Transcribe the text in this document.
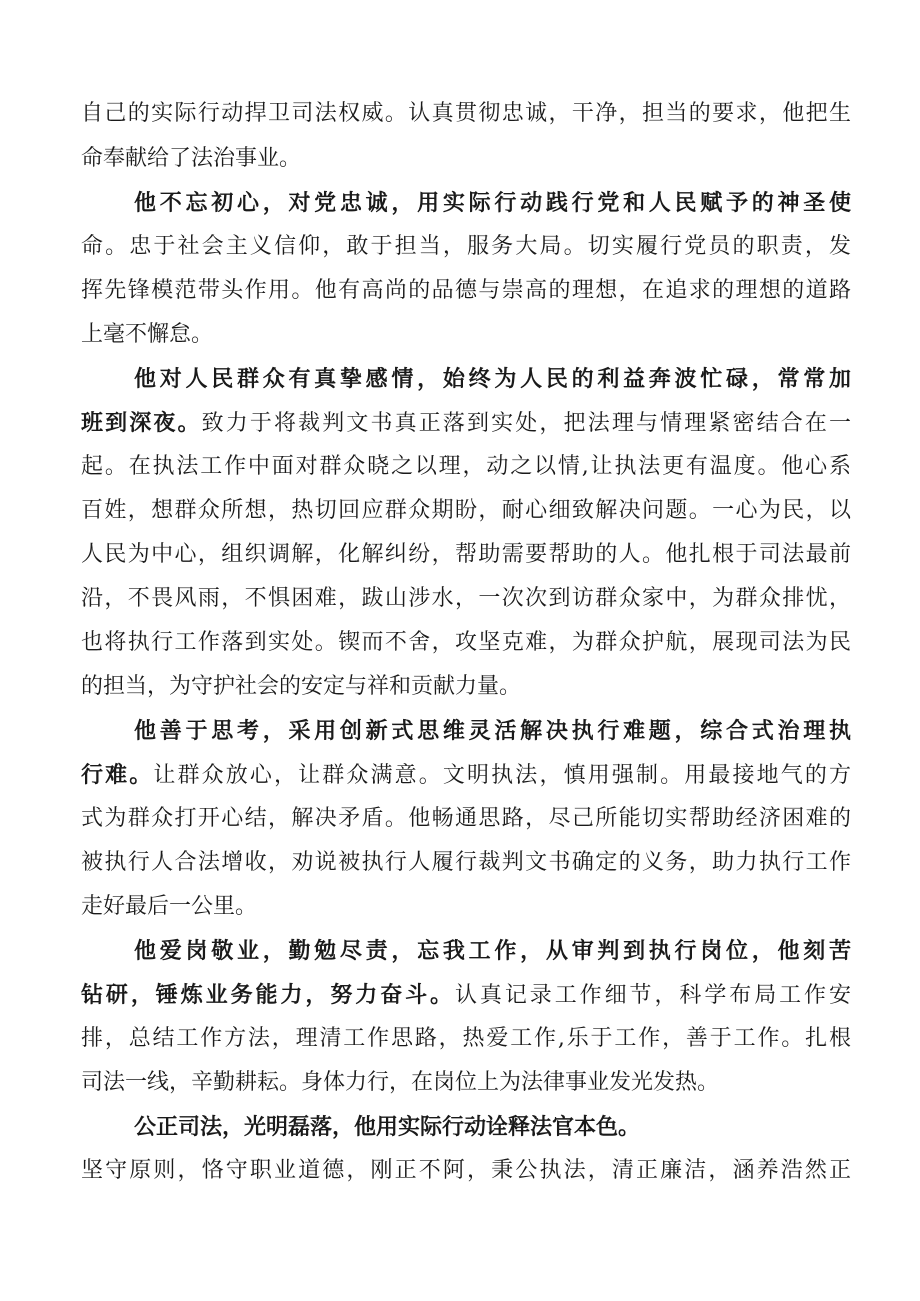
自己的实际行动捍卫司法权威。认真贯彻忠诚，干净，担当的要求，他把生
命奉献给了法治事业。
他不忘初心，对党忠诚，用实际行动践行党和人民赋予的神圣使
命。忠于社会主义信仰，敢于担当，服务大局。切实履行党员的职责，发
挥先锋模范带头作用。他有高尚的品德与崇高的理想，在追求的理想的道路
上毫不懈怠。
他对人民群众有真挚感情，始终为人民的利益奔波忙碌，常常加
班到深夜。致力于将裁判文书真正落到实处，把法理与情理紧密结合在一
起。在执法工作中面对群众晓之以理，动之以情,让执法更有温度。他心系
百姓，想群众所想，热切回应群众期盼，耐心细致解决问题。一心为民，以
人民为中心，组织调解，化解纠纷，帮助需要帮助的人。他扎根于司法最前
沿，不畏风雨，不惧困难，跋山涉水，一次次到访群众家中，为群众排忧，
也将执行工作落到实处。锲而不舍，攻坚克难，为群众护航，展现司法为民
的担当，为守护社会的安定与祥和贡献力量。
他善于思考，采用创新式思维灵活解决执行难题，综合式治理执
行难。让群众放心，让群众满意。文明执法，慎用强制。用最接地气的方
式为群众打开心结，解决矛盾。他畅通思路，尽己所能切实帮助经济困难的
被执行人合法增收，劝说被执行人履行裁判文书确定的义务，助力执行工作
走好最后一公里。
他爱岗敬业，勤勉尽责，忘我工作，从审判到执行岗位，他刻苦
钻研，锤炼业务能力，努力奋斗。认真记录工作细节，科学布局工作安
排，总结工作方法，理清工作思路，热爱工作,乐于工作，善于工作。扎根
司法一线，辛勤耕耘。身体力行，在岗位上为法律事业发光发热。
公正司法，光明磊落，他用实际行动诠释法官本色。
坚守原则，恪守职业道德，刚正不阿，秉公执法，清正廉洁，涵养浩然正
